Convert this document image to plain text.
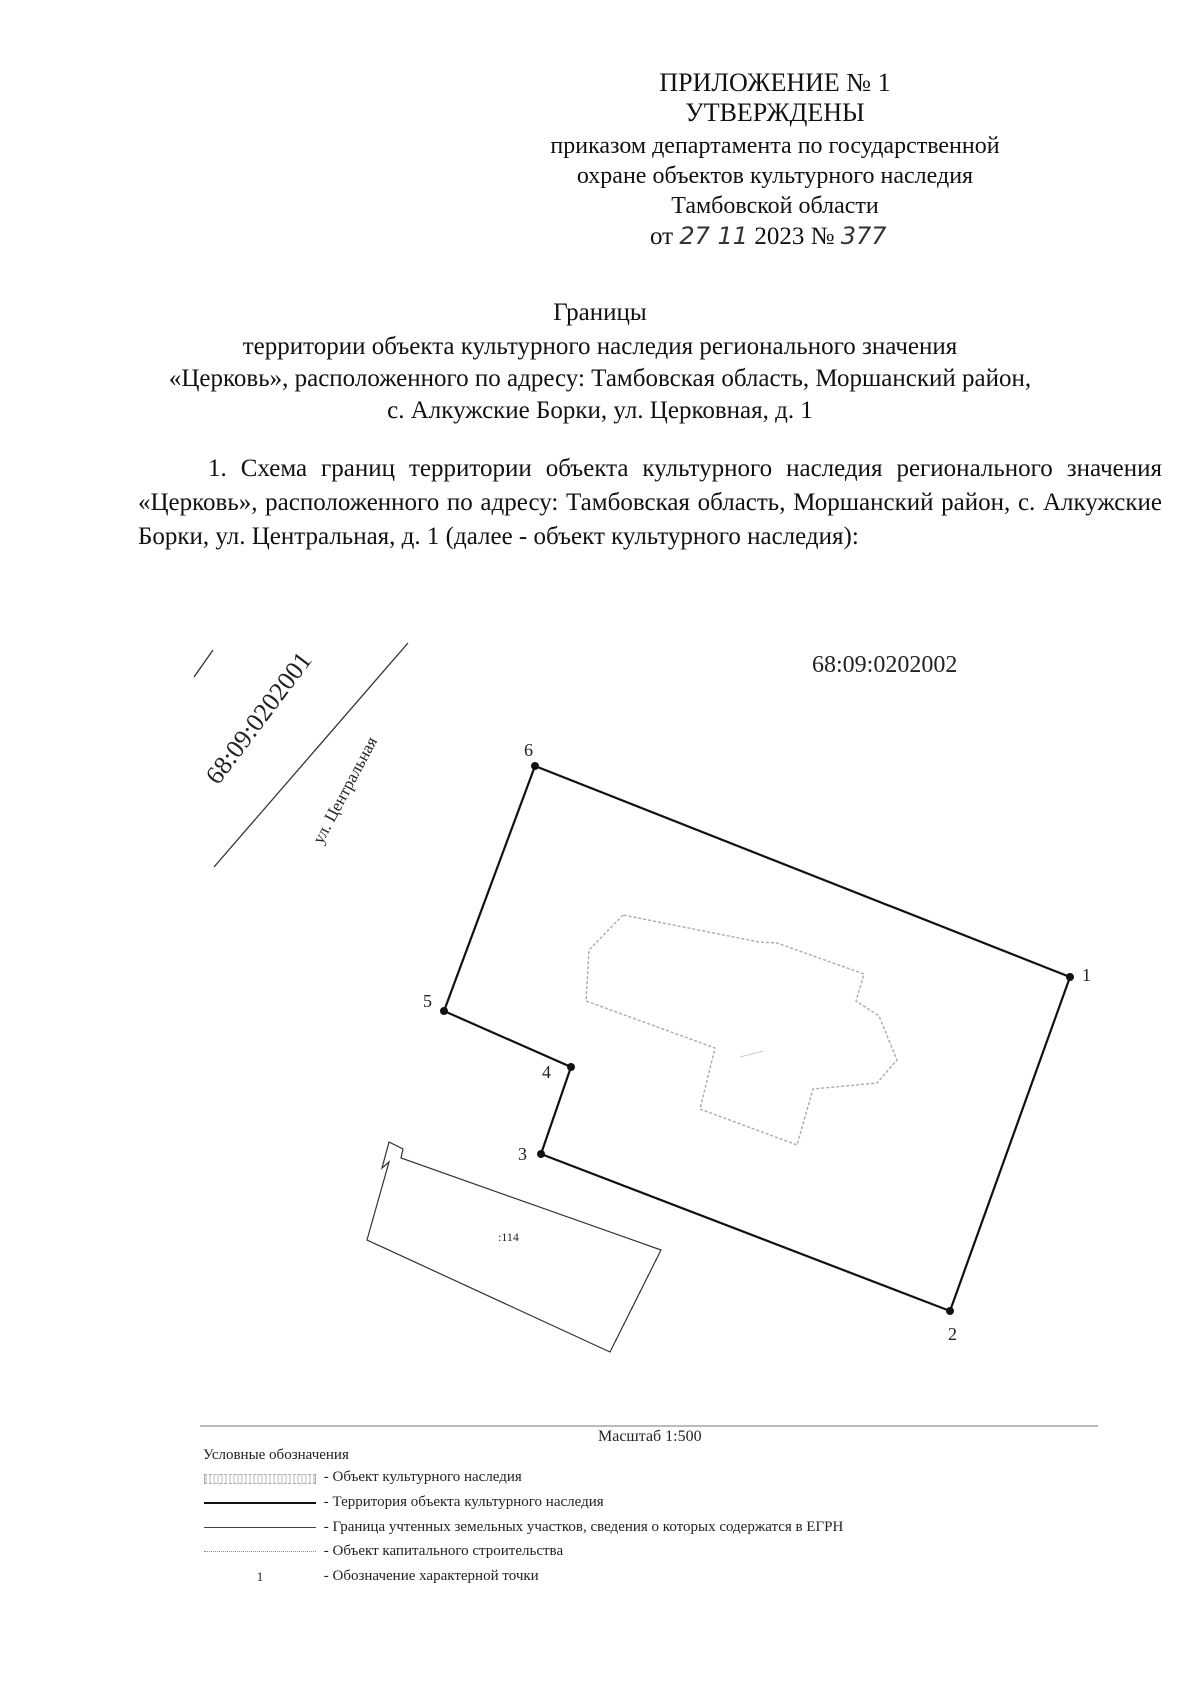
ПРИЛОЖЕНИЕ № 1
УТВЕРЖДЕНЫ
приказом департамента по государственной
охране объектов культурного наследия
Тамбовской области
от 27 11 2023 № 377
Границы
территории объекта культурного наследия регионального значения
«Церковь», расположенного по адресу: Тамбовская область, Моршанский район,
с. Алкужские Борки, ул. Церковная, д. 1
1. Схема границ территории объекта культурного наследия регионального значения «Церковь», расположенного по адресу: Тамбовская область, Моршанский район, с. Алкужские Борки, ул. Центральная, д. 1 (далее - объект культурного наследия):
68:09:0202001
ул. Центральная
68:09:0202002
1
2
3
4
5
6
:114
Масштаб 1:500
Условные обозначения
- Объект культурного наследия
- Территория объекта культурного наследия
- Граница учтенных земельных участков, сведения о которых содержатся в ЕГРН
- Объект капитального строительства
1	- Обозначение характерной точки
